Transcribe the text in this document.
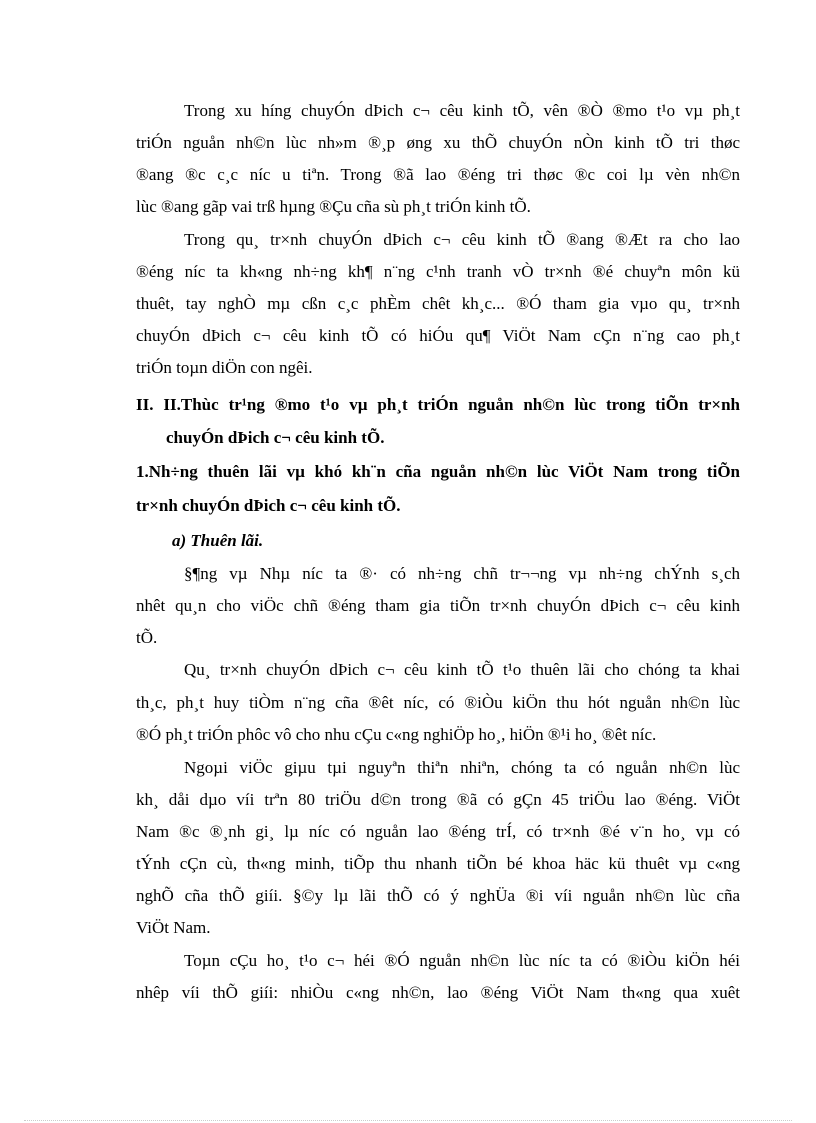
Trong xu híng chuyÓn dÞich c¬ cêu kinh tÕ, vên ®Ò ®mo t¹o vµ ph¸t
triÓn nguån nh©n lùc nh»m ®¸p øng xu thÕ chuyÓn nÒn kinh tÕ tri thøc
®ang ®c c¸c níc u tiªn. Trong ®ã lao ®éng tri thøc ®c coi lµ vèn nh©n
lùc ®ang gãp vai trß hµng ®Çu cña sù ph¸t triÓn kinh tÕ.
Trong qu¸ tr×nh chuyÓn dÞich c¬ cêu kinh tÕ ®ang ®Æt ra cho lao
®éng níc ta kh«ng nh÷ng kh¶ n¨ng c¹nh tranh vÒ tr×nh ®é chuyªn môn kü
thuêt, tay nghÒ mµ cßn c¸c phÈm chêt kh¸c... ®Ó tham gia vµo qu¸ tr×nh
chuyÓn dÞich c¬ cêu kinh tÕ có hiÓu qu¶ ViÖt Nam cÇn n¨ng cao ph¸t
triÓn toµn diÖn con ngêi.
II. II.Thùc tr¹ng ®mo t¹o vµ ph¸t triÓn nguån nh©n lùc trong tiÕn tr×nh
chuyÓn dÞich c¬ cêu kinh tÕ.
1.Nh÷ng thuên lãi vµ khó kh¨n cña nguån nh©n lùc ViÖt Nam trong tiÕn
tr×nh chuyÓn dÞich c¬ cêu kinh tÕ.
a) Thuên lãi.
§¶ng vµ Nhµ níc ta ®· có nh÷ng chñ tr¬¬ng vµ nh÷ng chÝnh s¸ch
nhêt qu¸n cho viÖc chñ ®éng tham gia tiÕn tr×nh chuyÓn dÞich c¬ cêu kinh
tÕ.
Qu¸ tr×nh chuyÓn dÞich c¬ cêu kinh tÕ t¹o thuên lãi cho chóng ta khai
th¸c, ph¸t huy tiÒm n¨ng cña ®êt níc, có ®iÒu kiÖn thu hót nguån nh©n lùc
®Ó ph¸t triÓn phôc vô cho nhu cÇu c«ng nghiÖp ho¸, hiÖn ®¹i ho¸ ®êt níc.
Ngoµi viÖc giµu tµi nguyªn thiªn nhiªn, chóng ta có nguån nh©n lùc
kh¸ dåi dµo víi trªn 80 triÖu d©n trong ®ã có gÇn 45 triÖu lao ®éng. ViÖt
Nam ®c ®¸nh gi¸ lµ níc có nguån lao ®éng trÍ, có tr×nh ®é v¨n ho¸ vµ có
tÝnh cÇn cù, th«ng minh, tiÕp thu nhanh tiÕn bé khoa häc kü thuêt vµ c«ng
nghÕ cña thÕ giíi. §©y lµ lãi thÕ có ý nghÜa ®i víi nguån nh©n lùc cña
ViÖt Nam.
Toµn cÇu ho¸ t¹o c¬ héi ®Ó nguån nh©n lùc níc ta có ®iÒu kiÖn héi
nhêp víi thÕ giíi: nhiÒu c«ng nh©n, lao ®éng ViÖt Nam th«ng qua xuêt
